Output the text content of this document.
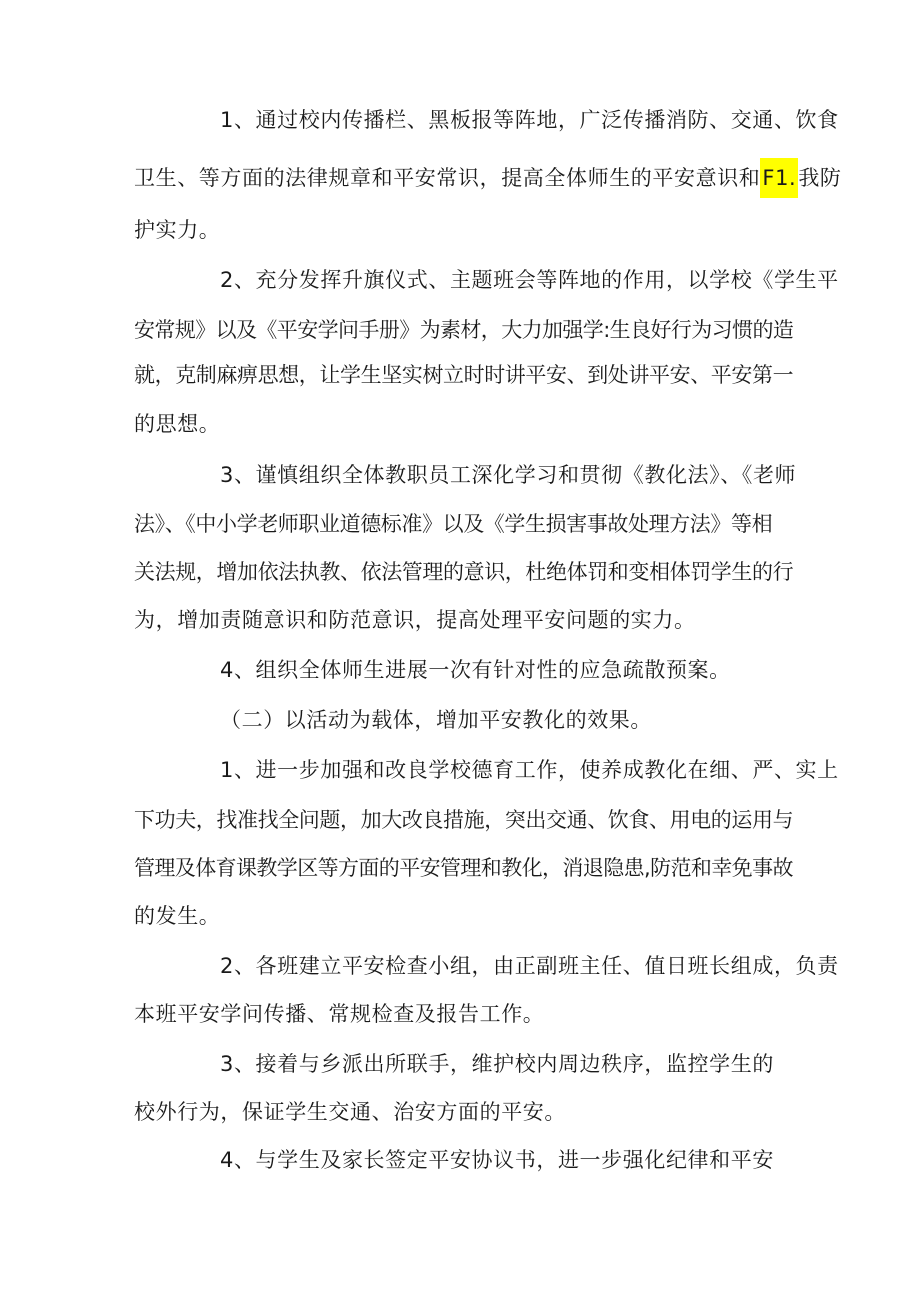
1、通过校内传播栏、黑板报等阵地，广泛传播消防、交通、饮食
卫生、等方面的法律规章和平安常识，提高全体师生的平安意识和F1.我防
护实力。
2、充分发挥升旗仪式、主题班会等阵地的作用，以学校《学生平
安常规》以及《平安学问手册》为素材，大力加强学:生良好行为习惯的造
就，克制麻痹思想，让学生坚实树立时时讲平安、到处讲平安、平安第一
的思想。
3、谨慎组织全体教职员工深化学习和贯彻《教化法》、《老师
法》、《中小学老师职业道德标准》以及《学生损害事故处理方法》等相
关法规，增加依法执教、依法管理的意识，杜绝体罚和变相体罚学生的行
为，增加责随意识和防范意识，提高处理平安问题的实力。
4、组织全体师生进展一次有针对性的应急疏散预案。
（二）以活动为载体，增加平安教化的效果。
1、进一步加强和改良学校德育工作，使养成教化在细、严、实上
下功夫，找准找全问题，加大改良措施，突出交通、饮食、用电的运用与
管理及体育课教学区等方面的平安管理和教化，消退隐患,防范和幸免事故
的发生。
2、各班建立平安检查小组，由正副班主任、值日班长组成，负责
本班平安学问传播、常规检查及报告工作。
3、接着与乡派出所联手，维护校内周边秩序，监控学生的
校外行为，保证学生交通、治安方面的平安。
4、与学生及家长签定平安协议书，进一步强化纪律和平安
